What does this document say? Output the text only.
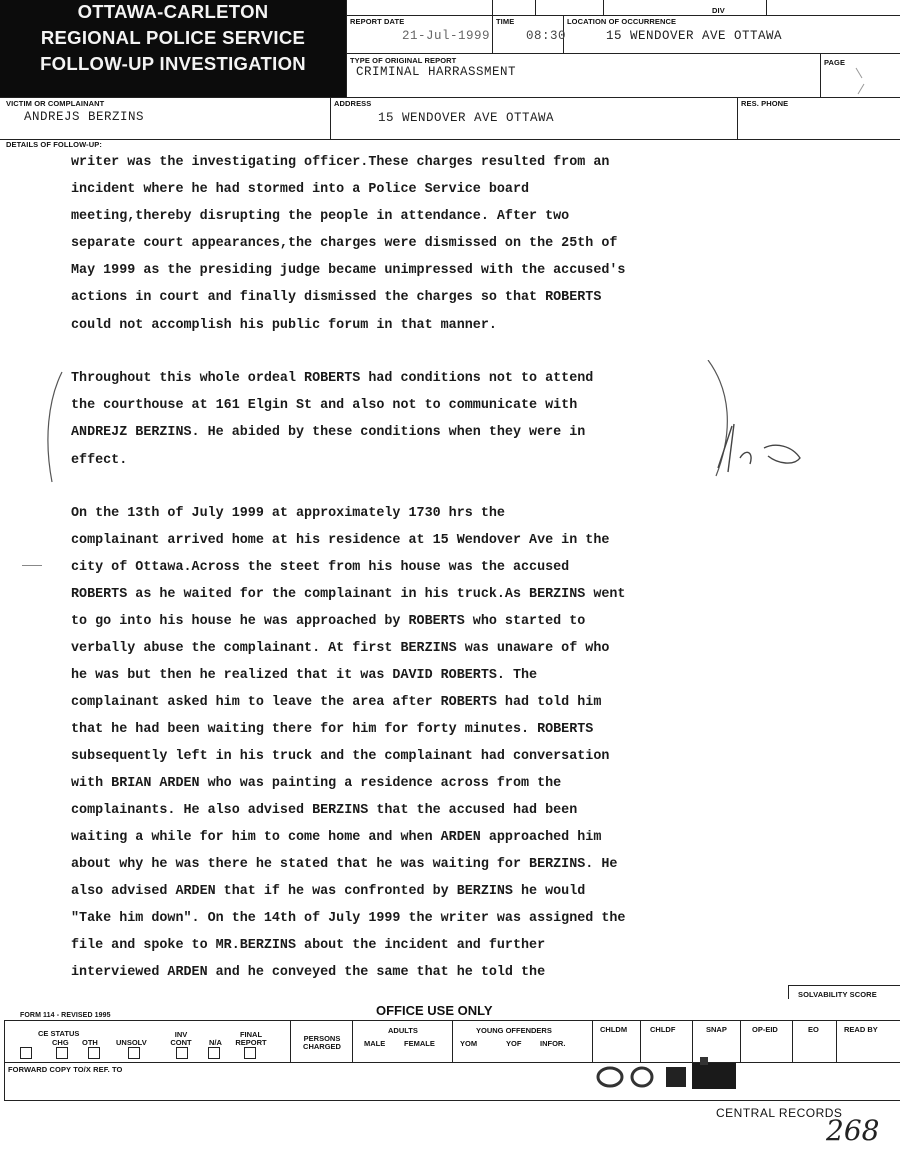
OTTAWA-CARLETON
REGIONAL POLICE SERVICE
FOLLOW-UP INVESTIGATION
DIV
REPORT DATE
21-Jul-1999
TIME
08:30
LOCATION OF OCCURRENCE
15 WENDOVER AVE OTTAWA
TYPE OF ORIGINAL REPORT
CRIMINAL HARRASSMENT
PAGE
VICTIM OR COMPLAINANT
ANDREJS BERZINS
ADDRESS
15 WENDOVER AVE OTTAWA
RES. PHONE
DETAILS OF FOLLOW-UP:
writer was the investigating officer.These charges resulted from an
incident where he had stormed into a Police Service board
meeting,thereby disrupting the people in attendance. After two
separate court appearances,the charges were dismissed on the 25th of
May 1999 as the presiding judge became unimpressed with the accused's
actions in court and finally dismissed the charges so that ROBERTS
could not accomplish his public forum in that manner.
Throughout this whole ordeal ROBERTS had conditions not to attend
the courthouse at 161 Elgin St and also not to communicate with
ANDREJZ BERZINS. He abided by these conditions when they were in
effect.
On the 13th of July 1999 at approximately 1730 hrs the
complainant arrived home at his residence at 15 Wendover Ave in the
city of Ottawa.Across the steet from his house was the accused
ROBERTS as he waited for the complainant in his truck.As BERZINS went
to go into his house he was approached by ROBERTS who started to
verbally abuse the complainant. At first BERZINS was unaware of who
he was but then he realized that it was DAVID ROBERTS. The
complainant asked him to leave the area after ROBERTS had told him
that he had been waiting there for him for forty minutes. ROBERTS
subsequently left in his truck and the complainant had conversation
with BRIAN ARDEN who was painting a residence across from the
complainants. He also advised BERZINS that the accused had been
waiting a while for him to come home and when ARDEN approached him
about why he was there he stated that he was waiting for BERZINS. He
also advised ARDEN that if he was confronted by BERZINS he would
"Take him down". On the 14th of July 1999 the writer was assigned the
file and spoke to MR.BERZINS about the incident and further
interviewed ARDEN and he conveyed the same that he told the
SOLVABILITY SCORE
FORM 114 - REVISED 1995	OFFICE USE ONLY
CE STATUS
CHG OTH UNSOLV
INV CONT	N/A
FINAL REPORT	PERSONS CHARGED
ADULTS
MALE	FEMALE
YOUNG OFFENDERS
YOM	YOF INFOR.
CHLDM	CHLDF	SNAP	OP-EID	EO	READ BY
FORWARD COPY TO/X REF. TO
CENTRAL RECORDS
268
